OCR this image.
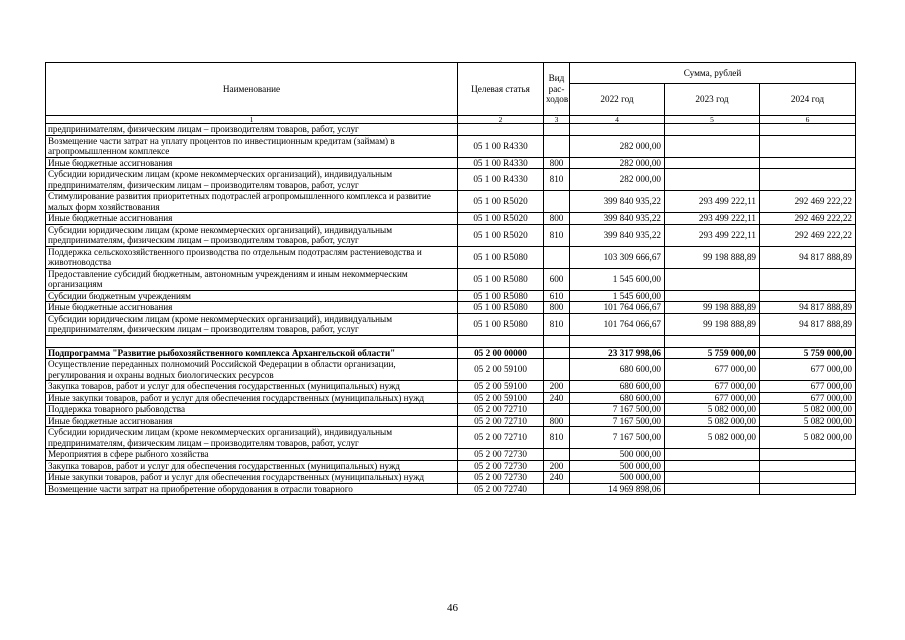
Наименование	Целевая статья	Вид рас-ходов	Сумма, рублей		
			2022 год	2023 год	2024 год
1	2	3	4	5	6
предпринимателям, физическим лицам – производителям товаров, работ, услуг					
Возмещение части затрат на уплату процентов по инвестиционным кредитам (займам) в агропромышленном комплексе	05 1 00 R4330		282 000,00		
Иные бюджетные ассигнования	05 1 00 R4330	800	282 000,00		
Субсидии юридическим лицам (кроме некоммерческих организаций), индивидуальным предпринимателям, физическим лицам – производителям товаров, работ, услуг	05 1 00 R4330	810	282 000,00		
Стимулирование развития приоритетных подотраслей агропромышленного комплекса и развитие малых форм хозяйствования	05 1 00 R5020		399 840 935,22	293 499 222,11	292 469 222,22
Иные бюджетные ассигнования	05 1 00 R5020	800	399 840 935,22	293 499 222,11	292 469 222,22
Субсидии юридическим лицам (кроме некоммерческих организаций), индивидуальным предпринимателям, физическим лицам – производителям товаров, работ, услуг	05 1 00 R5020	810	399 840 935,22	293 499 222,11	292 469 222,22
Поддержка сельскохозяйственного производства по отдельным подотраслям растениеводства и животноводства	05 1 00 R5080		103 309 666,67	99 198 888,89	94 817 888,89
Предоставление субсидий бюджетным, автономным учреждениям и иным некоммерческим организациям	05 1 00 R5080	600	1 545 600,00		
Субсидии бюджетным учреждениям	05 1 00 R5080	610	1 545 600,00		
Иные бюджетные ассигнования	05 1 00 R5080	800	101 764 066,67	99 198 888,89	94 817 888,89
Субсидии юридическим лицам (кроме некоммерческих организаций), индивидуальным предпринимателям, физическим лицам – производителям товаров, работ, услуг	05 1 00 R5080	810	101 764 066,67	99 198 888,89	94 817 888,89

Подпрограмма "Развитие рыбохозяйственного комплекса Архангельской области"	05 2 00 00000		23 317 998,06	5 759 000,00	5 759 000,00
Осуществление переданных полномочий Российской Федерации в области организации, регулирования и охраны водных биологических ресурсов	05 2 00 59100		680 600,00	677 000,00	677 000,00
Закупка товаров, работ и услуг для обеспечения государственных (муниципальных) нужд	05 2 00 59100	200	680 600,00	677 000,00	677 000,00
Иные закупки товаров, работ и услуг для обеспечения государственных (муниципальных) нужд	05 2 00 59100	240	680 600,00	677 000,00	677 000,00
Поддержка товарного рыбоводства	05 2 00 72710		7 167 500,00	5 082 000,00	5 082 000,00
Иные бюджетные ассигнования	05 2 00 72710	800	7 167 500,00	5 082 000,00	5 082 000,00
Субсидии юридическим лицам (кроме некоммерческих организаций), индивидуальным предпринимателям, физическим лицам – производителям товаров, работ, услуг	05 2 00 72710	810	7 167 500,00	5 082 000,00	5 082 000,00
Мероприятия в сфере рыбного хозяйства	05 2 00 72730		500 000,00		
Закупка товаров, работ и услуг для обеспечения государственных (муниципальных) нужд	05 2 00 72730	200	500 000,00		
Иные закупки товаров, работ и услуг для обеспечения государственных (муниципальных) нужд	05 2 00 72730	240	500 000,00		
Возмещение части затрат на приобретение оборудования в отрасли товарного	05 2 00 72740		14 969 898,06		
46
